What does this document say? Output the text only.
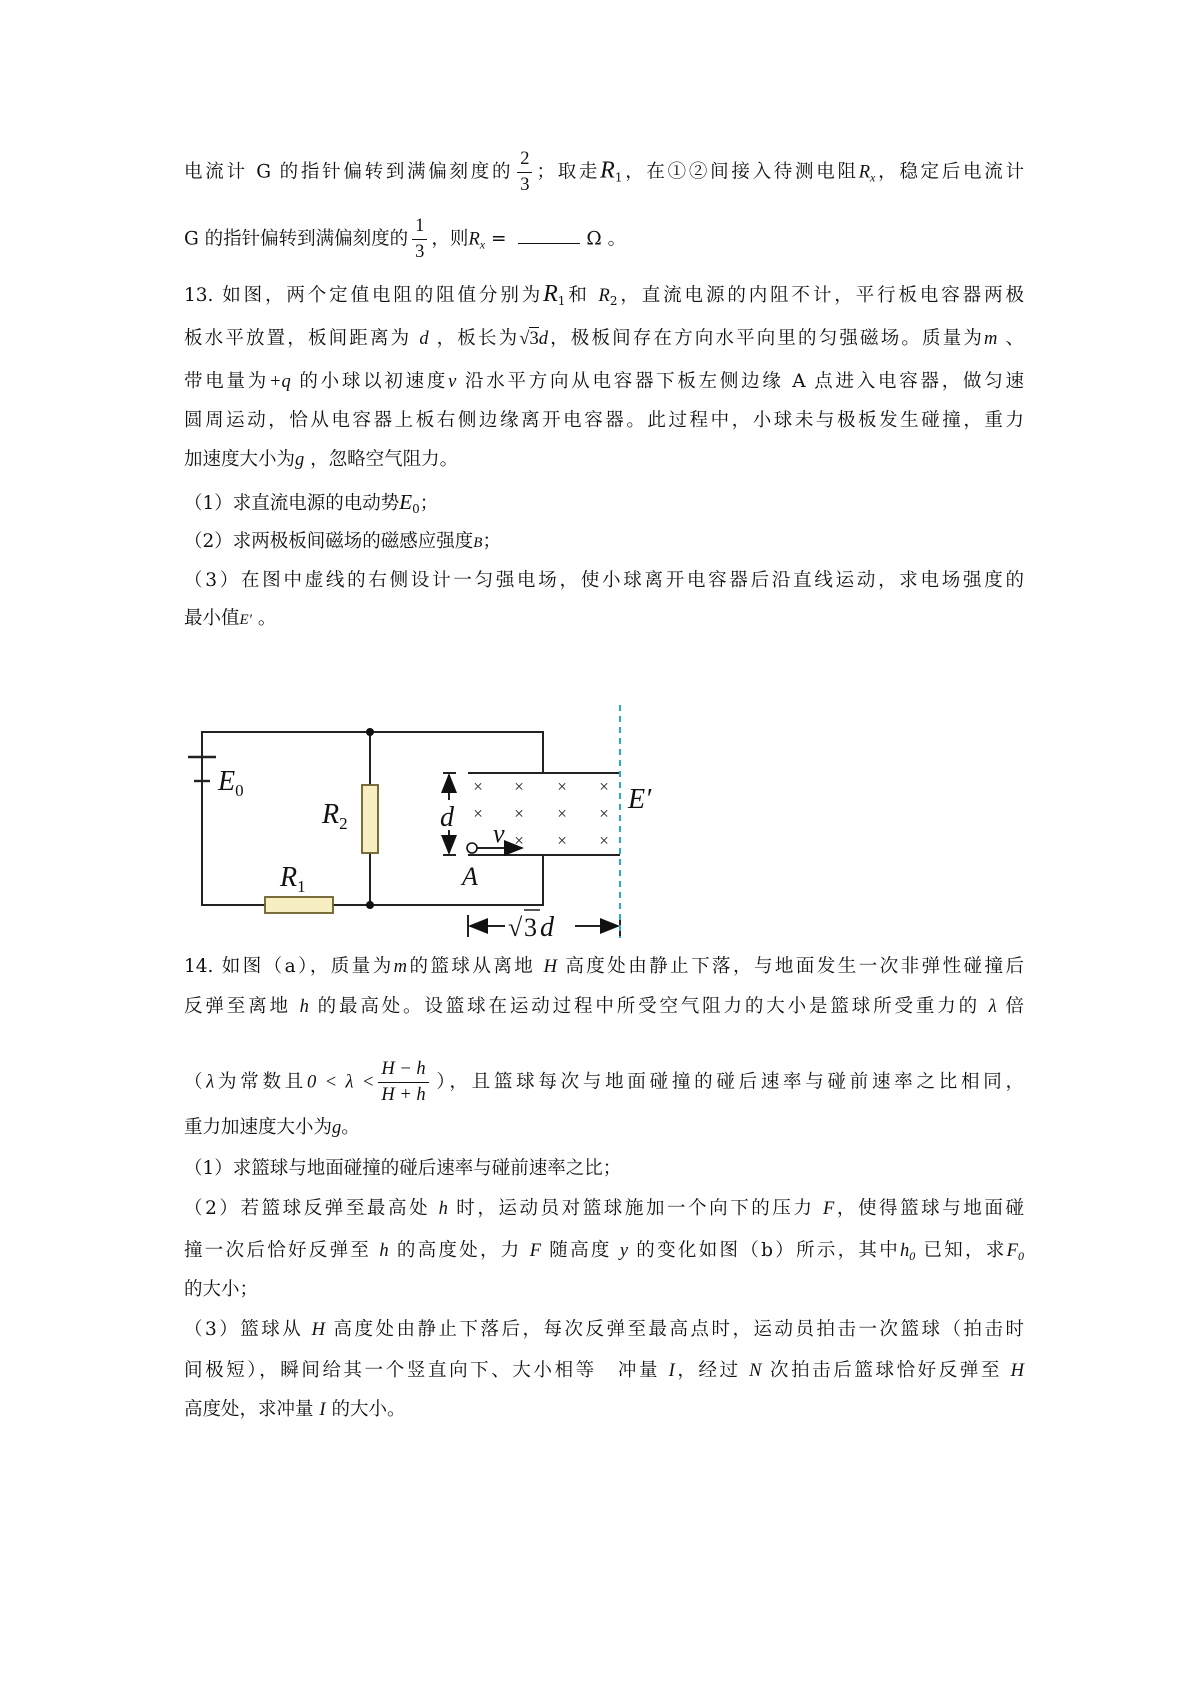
电流计 G 的指针偏转到满偏刻度的 $\frac{2}{3}$ ；取走$R_1$，在①②间接入待测电阻$R_x$，稳定后电流计
G 的指针偏转到满偏刻度的 $\frac{1}{3}$ ，则$R_x$ =	Ω 。
13. 如图，两个定值电阻的阻值分别为$R_1$和 $R_2$，直流电源的内阻不计，平行板电容器两极
板水平放置，板间距离为 d ，板长为√3d，极板间存在方向水平向里的匀强磁场。质量为m 、
带电量为+q 的小球以初速度v 沿水平方向从电容器下板左侧边缘 A 点进入电容器，做匀速
圆周运动，恰从电容器上板右侧边缘离开电容器。此过程中，小球未与极板发生碰撞，重力
加速度大小为g ，忽略空气阻力。
（1）求直流电源的电动势$E_0$；
（2）求两极板间磁场的磁感应强度B；
（3）在图中虚线的右侧设计一匀强电场，使小球离开电容器后沿直线运动，求电场强度的
最小值E′ 。
× × × ×
× × × ×
× × ×
$E_0$
$R_2$
$R_1$
d
v
A
E′
√ 3 d
14. 如图（a），质量为m的篮球从离地 H 高度处由静止下落，与地面发生一次非弹性碰撞后
反弹至离地 h 的最高处。设篮球在运动过程中所受空气阻力的大小是篮球所受重力的 λ 倍
（λ为常数且$0 < \lambda < \frac{H - h}{H + h}$ ），且篮球每次与地面碰撞的碰后速率与碰前速率之比相同，
重力加速度大小为g。
（1）求篮球与地面碰撞的碰后速率与碰前速率之比；
（2）若篮球反弹至最高处 h 时，运动员对篮球施加一个向下的压力 F，使得篮球与地面碰
撞一次后恰好反弹至 h 的高度处，力 F 随高度 y 的变化如图（b）所示，其中$h_0$ 已知，求$F_0$
的大小；
（3）篮球从 H 高度处由静止下落后，每次反弹至最高点时，运动员拍击一次篮球（拍击时
间极短），瞬间给其一个竖直向下、大小相等　冲量 I，经过 N 次拍击后篮球恰好反弹至 H
高度处，求冲量 I 的大小。
